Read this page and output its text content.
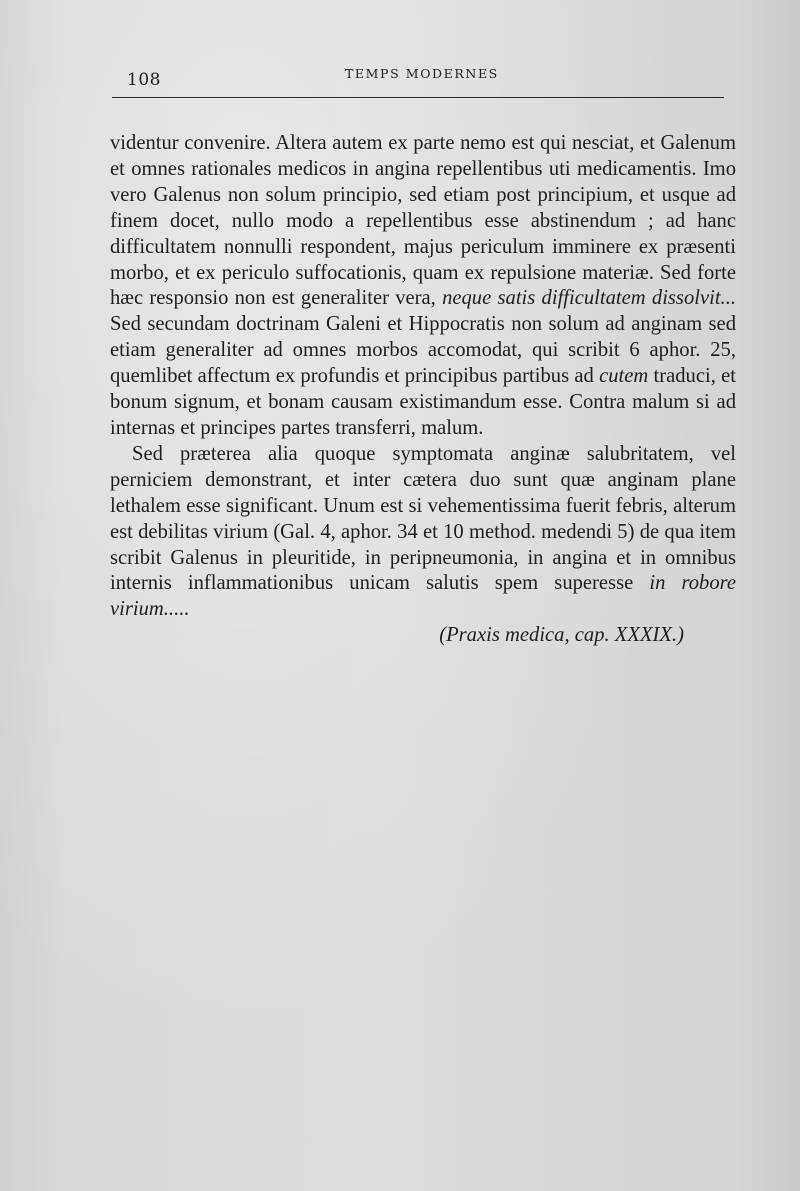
108	TEMPS MODERNES

videntur convenire. Altera autem ex parte nemo est qui nesciat, et Galenum et omnes rationales medicos in angina repellentibus uti medicamentis. Imo vero Galenus non solum principio, sed etiam post principium, et usque ad finem docet, nullo modo a repellentibus esse abstinendum ; ad hanc difficultatem nonnulli respondent, majus periculum imminere ex præsenti morbo, et ex periculo suffocationis, quam ex repulsione materiæ. Sed forte hæc responsio non est generaliter vera, neque satis difficultatem dissolvit... Sed secundam doctrinam Galeni et Hippocratis non solum ad anginam sed etiam generaliter ad omnes morbos accomodat, qui scribit 6 aphor. 25, quemlibet affectum ex profundis et principibus partibus ad cutem traduci, et bonum signum, et bonam causam existimandum esse. Contra malum si ad internas et principes partes transferri, malum.

Sed præterea alia quoque symptomata anginæ salubritatem, vel perniciem demonstrant, et inter cætera duo sunt quæ anginam plane lethalem esse significant. Unum est si vehementissima fuerit febris, alterum est debilitas virium (Gal. 4, aphor. 34 et 10 method. medendi 5) de qua item scribit Galenus in pleuritide, in peripneumonia, in angina et in omnibus internis inflammationibus unicam salutis spem superesse in robore virium.....

(Praxis medica, cap. XXXIX.)
